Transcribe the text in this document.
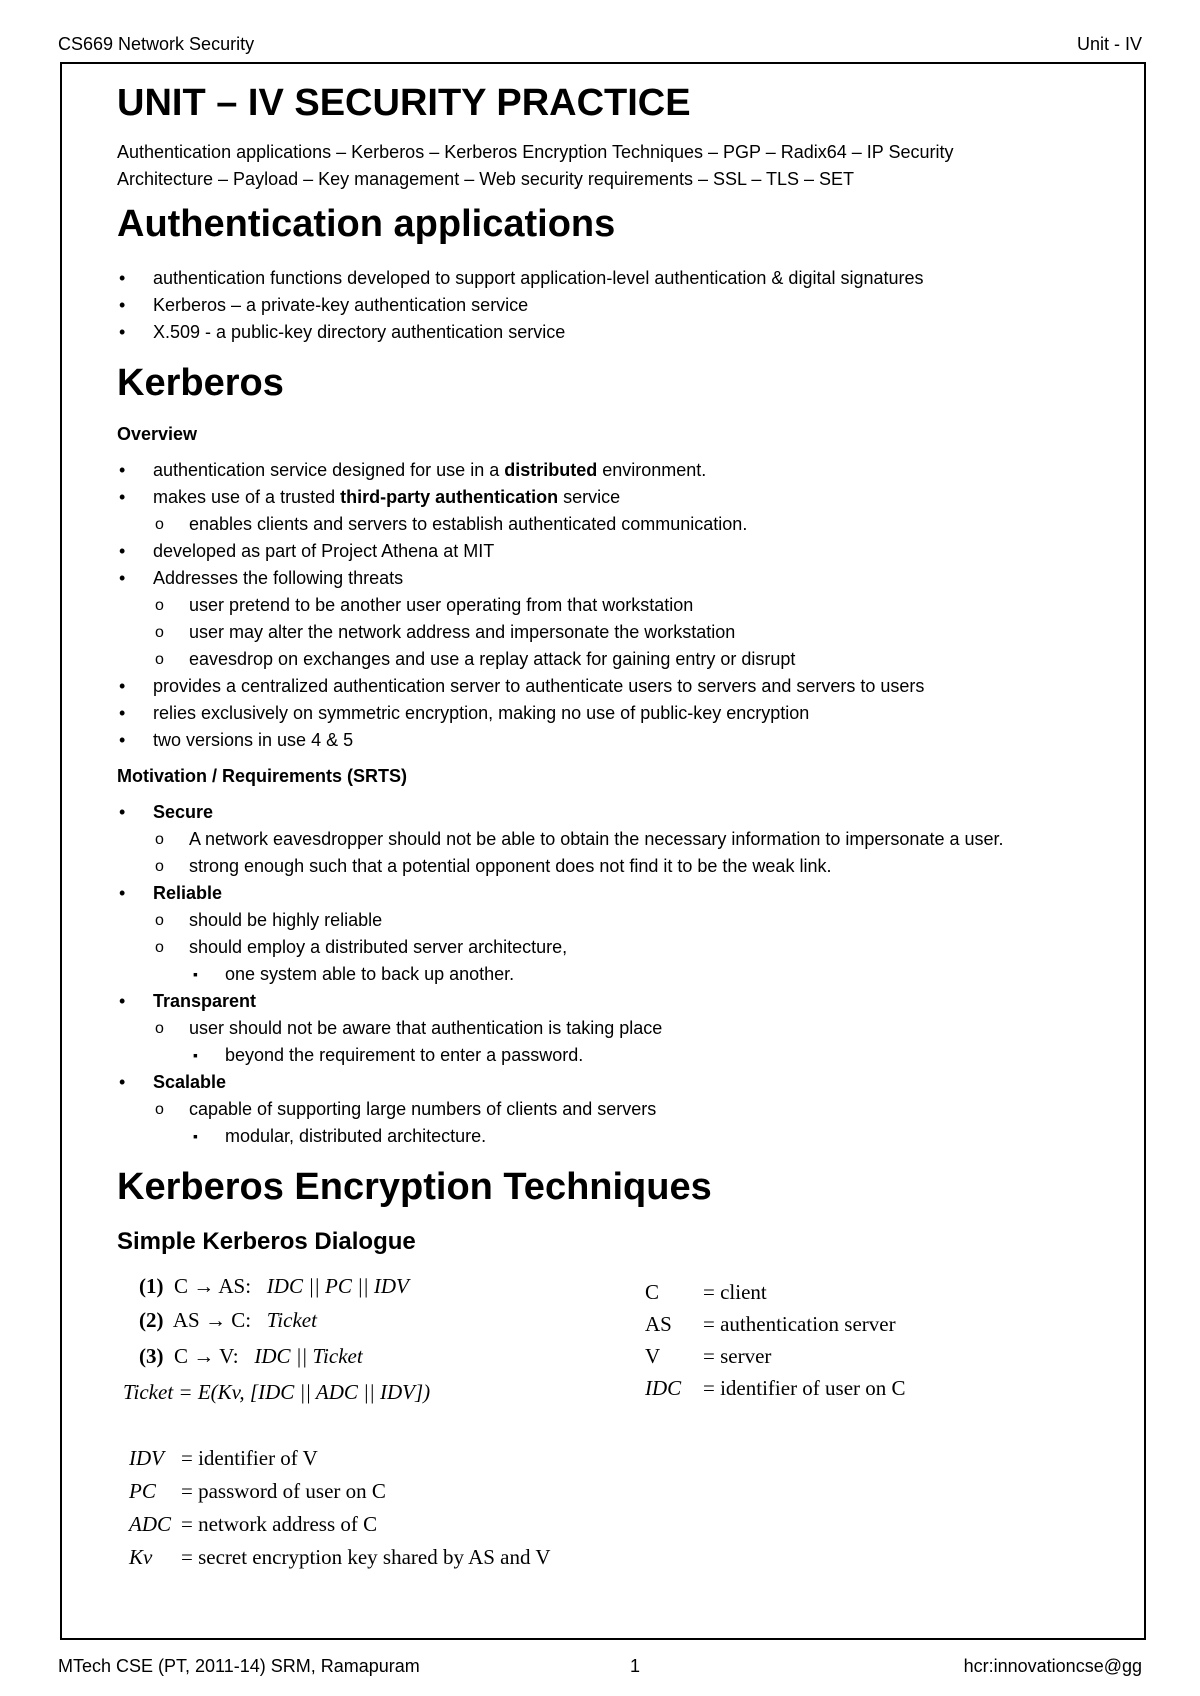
CS669 Network Security	Unit - IV
UNIT – IV SECURITY PRACTICE

Authentication applications – Kerberos – Kerberos Encryption Techniques – PGP – Radix64 – IP Security
Architecture – Payload – Key management – Web security requirements – SSL – TLS – SET

Authentication applications
• authentication functions developed to support application-level authentication & digital signatures
• Kerberos – a private-key authentication service
• X.509 - a public-key directory authentication service
Kerberos
Overview
• authentication service designed for use in a distributed environment.
• makes use of a trusted third-party authentication service
o enables clients and servers to establish authenticated communication.
• developed as part of Project Athena at MIT
• Addresses the following threats
o user pretend to be another user operating from that workstation
o user may alter the network address and impersonate the workstation
o eavesdrop on exchanges and use a replay attack for gaining entry or disrupt
• provides a centralized authentication server to authenticate users to servers and servers to users
• relies exclusively on symmetric encryption, making no use of public-key encryption
• two versions in use 4 & 5
Motivation / Requirements (SRTS)
• Secure
o A network eavesdropper should not be able to obtain the necessary information to impersonate a user.
o strong enough such that a potential opponent does not find it to be the weak link.
• Reliable
o should be highly reliable
o should employ a distributed server architecture,
▪ one system able to back up another.
• Transparent
o user should not be aware that authentication is taking place
▪ beyond the requirement to enter a password.
• Scalable
o capable of supporting large numbers of clients and servers
▪ modular, distributed architecture.
Kerberos Encryption Techniques
Simple Kerberos Dialogue
(1) C → AS: IDC || PC || IDV
(2) AS → C: Ticket
(3) C → V: IDC || Ticket
Ticket = E(Kv, [IDC || ADC || IDV])
C = client
AS = authentication server
V = server
IDC = identifier of user on C
IDV = identifier of V
PC = password of user on C
ADC = network address of C
Kv = secret encryption key shared by AS and V
MTech CSE (PT, 2011-14) SRM, Ramapuram	1	hcr:innovationcse@gg
